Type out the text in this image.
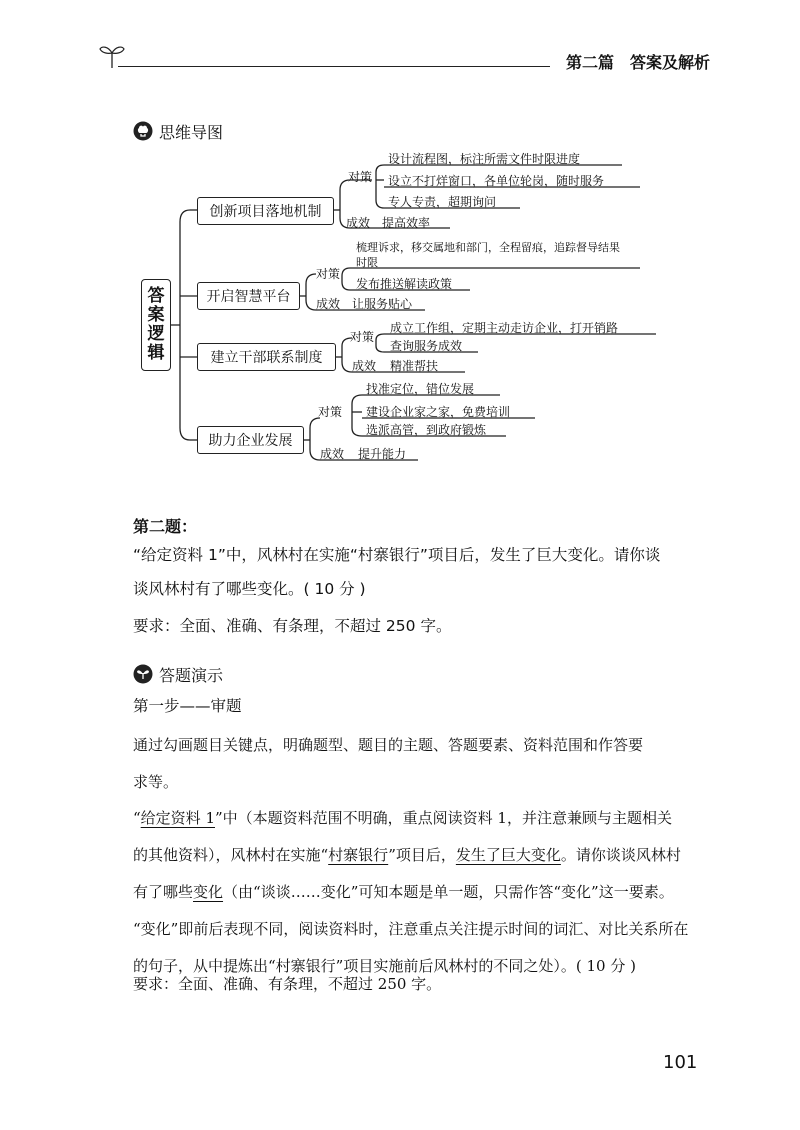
第二篇　答案及解析
思维导图
答案逻辑
创新项目落地机制
开启智慧平台
建立干部联系制度
助力企业发展
对策
设计流程图，标注所需文件时限进度
设立不打烊窗口，各单位轮岗，随时服务
专人专责，超期询问
成效 提高效率
对策
梳理诉求，移交属地和部门，全程留痕，追踪督导结果时限
发布推送解读政策
成效 让服务贴心
对策
成立工作组，定期主动走访企业，打开销路
查询服务成效
成效 精准帮扶
对策
找准定位，错位发展
建设企业家之家，免费培训
选派高管，到政府锻炼
成效 提升能力
第二题：
“给定资料 1”中，风林村在实施“村寨银行”项目后，发生了巨大变化。请你谈
谈风林村有了哪些变化。( 10 分 )
要求：全面、准确、有条理，不超过 250 字。
答题演示
第一步——审题
通过勾画题目关键点，明确题型、题目的主题、答题要素、资料范围和作答要
求等。
“给定资料 1”中（本题资料范围不明确，重点阅读资料 1，并注意兼顾与主题相关
的其他资料），风林村在实施“村寨银行”项目后，发生了巨大变化。请你谈谈风林村
有了哪些变化（由“谈谈……变化”可知本题是单一题，只需作答“变化”这一要素。
“变化”即前后表现不同，阅读资料时，注意重点关注提示时间的词汇、对比关系所在
的句子，从中提炼出“村寨银行”项目实施前后风林村的不同之处）。( 10 分 )
要求：全面、准确、有条理，不超过 250 字。
101
